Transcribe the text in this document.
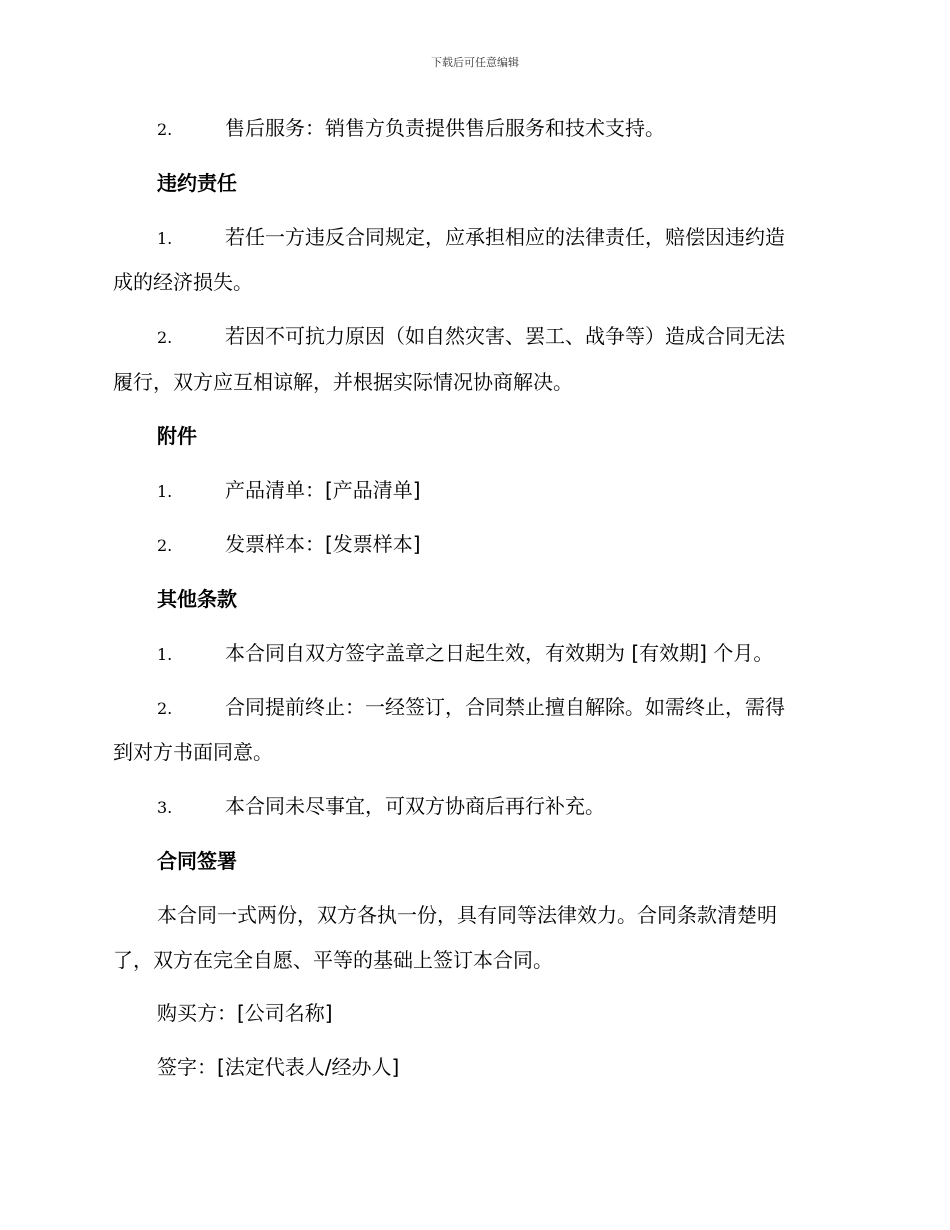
下载后可任意编辑
2.	售后服务：销售方负责提供售后服务和技术支持。
违约责任
1.	若任一方违反合同规定，应承担相应的法律责任，赔偿因违约造
成的经济损失。
2.	若因不可抗力原因（如自然灾害、罢工、战争等）造成合同无法
履行，双方应互相谅解，并根据实际情况协商解决。
附件
1.	产品清单：[产品清单]
2.	发票样本：[发票样本]
其他条款
1.	本合同自双方签字盖章之日起生效，有效期为 [有效期] 个月。
2.	合同提前终止：一经签订，合同禁止擅自解除。如需终止，需得
到对方书面同意。
3.	本合同未尽事宜，可双方协商后再行补充。
合同签署
本合同一式两份，双方各执一份，具有同等法律效力。合同条款清楚明
了，双方在完全自愿、平等的基础上签订本合同。
购买方：[公司名称]
签字：[法定代表人/经办人]
